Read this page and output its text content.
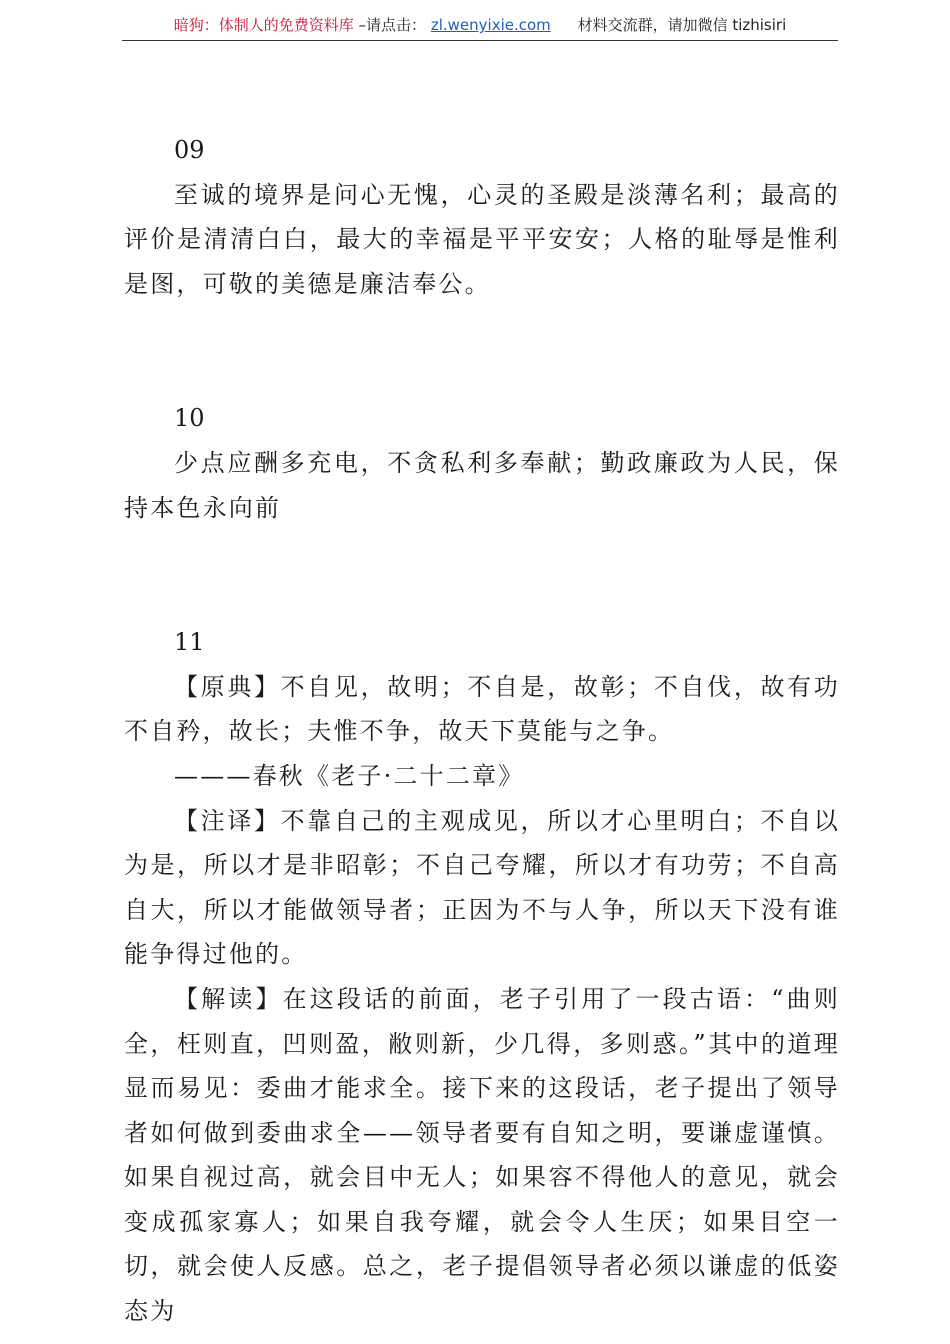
暗狗：体制人的免费资料库 –请点击： zl.wenyixie.com 材料交流群，请加微信 tizhisiri

09

至诚的境界是问心无愧，心灵的圣殿是淡薄名利；最高的评价是清清白白，最大的幸福是平平安安；人格的耻辱是惟利是图，可敬的美德是廉洁奉公。

10

少点应酬多充电，不贪私利多奉献；勤政廉政为人民，保持本色永向前

11

【原典】不自见，故明；不自是，故彰；不自伐，故有功不自矜，故长；夫惟不争，故天下莫能与之争。

———春秋《老子·二十二章》

【注译】不靠自己的主观成见，所以才心里明白；不自以为是，所以才是非昭彰；不自己夸耀，所以才有功劳；不自高自大，所以才能做领导者；正因为不与人争，所以天下没有谁能争得过他的。

【解读】在这段话的前面，老子引用了一段古语：“曲则全，枉则直，凹则盈，敝则新，少几得，多则惑。”其中的道理显而易见：委曲才能求全。接下来的这段话，老子提出了领导者如何做到委曲求全——领导者要有自知之明，要谦虚谨慎。如果自视过高，就会目中无人；如果容不得他人的意见，就会变成孤家寡人；如果自我夸耀，就会令人生厌；如果目空一切，就会使人反感。总之，老子提倡领导者必须以谦虚的低姿态为
